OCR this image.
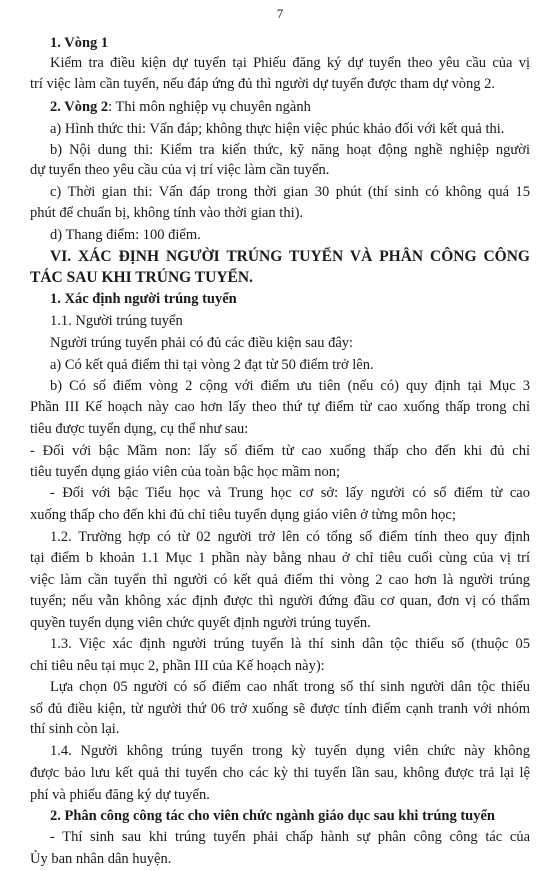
7
1. Vòng 1
Kiểm tra điều kiện dự tuyển tại Phiếu đăng ký dự tuyển theo yêu cầu của vị
trí việc làm cần tuyển, nếu đáp ứng đủ thì người dự tuyển được tham dự vòng 2.
2. Vòng 2: Thi môn nghiệp vụ chuyên ngành
a) Hình thức thi: Vấn đáp; không thực hiện việc phúc khảo đối với kết quả thi.
b) Nội dung thi: Kiểm tra kiến thức, kỹ năng hoạt động nghề nghiệp người
dự tuyển theo yêu cầu của vị trí việc làm cần tuyển.
c) Thời gian thi: Vấn đáp trong thời gian 30 phút (thí sinh có không quá 15
phút để chuẩn bị, không tính vào thời gian thi).
d) Thang điểm: 100 điểm.
VI. XÁC ĐỊNH NGƯỜI TRÚNG TUYỂN VÀ PHÂN CÔNG CÔNG
TÁC SAU KHI TRÚNG TUYỂN.
1. Xác định người trúng tuyển
1.1. Người trúng tuyển
Người trúng tuyển phải có đủ các điều kiện sau đây:
a) Có kết quả điểm thi tại vòng 2 đạt từ 50 điểm trở lên.
b) Có số điểm vòng 2 cộng với điểm ưu tiên (nếu có) quy định tại Mục 3
Phần III Kế hoạch này cao hơn lấy theo thứ tự điểm từ cao xuống thấp trong chỉ
tiêu được tuyển dụng, cụ thể như sau:
- Đối với bậc Mầm non: lấy số điểm từ cao xuống thấp cho đến khi đủ chỉ
tiêu tuyển dụng giáo viên của toàn bậc học mầm non;
- Đối với bậc Tiểu học và Trung học cơ sở: lấy người có số điểm từ cao
xuống thấp cho đến khi đủ chỉ tiêu tuyển dụng giáo viên ở từng môn học;
1.2. Trường hợp có từ 02 người trở lên có tổng số điểm tính theo quy định
tại điểm b khoản 1.1 Mục 1 phần này bằng nhau ở chỉ tiêu cuối cùng của vị trí
việc làm cần tuyển thì người có kết quả điểm thi vòng 2 cao hơn là người trúng
tuyển; nếu vẫn không xác định được thì người đứng đầu cơ quan, đơn vị có thẩm
quyền tuyển dụng viên chức quyết định người trúng tuyển.
1.3. Việc xác định người trúng tuyển là thí sinh dân tộc thiểu số (thuộc 05
chỉ tiêu nêu tại mục 2, phần III của Kế hoạch này):
Lựa chọn 05 người có số điểm cao nhất trong số thí sinh người dân tộc thiểu
số đủ điều kiện, từ người thứ 06 trở xuống sẽ được tính điểm cạnh tranh với nhóm
thí sinh còn lại.
1.4. Người không trúng tuyển trong kỳ tuyển dụng viên chức này không
được bảo lưu kết quả thi tuyển cho các kỳ thi tuyển lần sau, không được trả lại lệ
phí và phiếu đăng ký dự tuyển.
2. Phân công công tác cho viên chức ngành giáo dục sau khi trúng tuyển
- Thí sinh sau khi trúng tuyển phải chấp hành sự phân công công tác của
Ủy ban nhân dân huyện.
